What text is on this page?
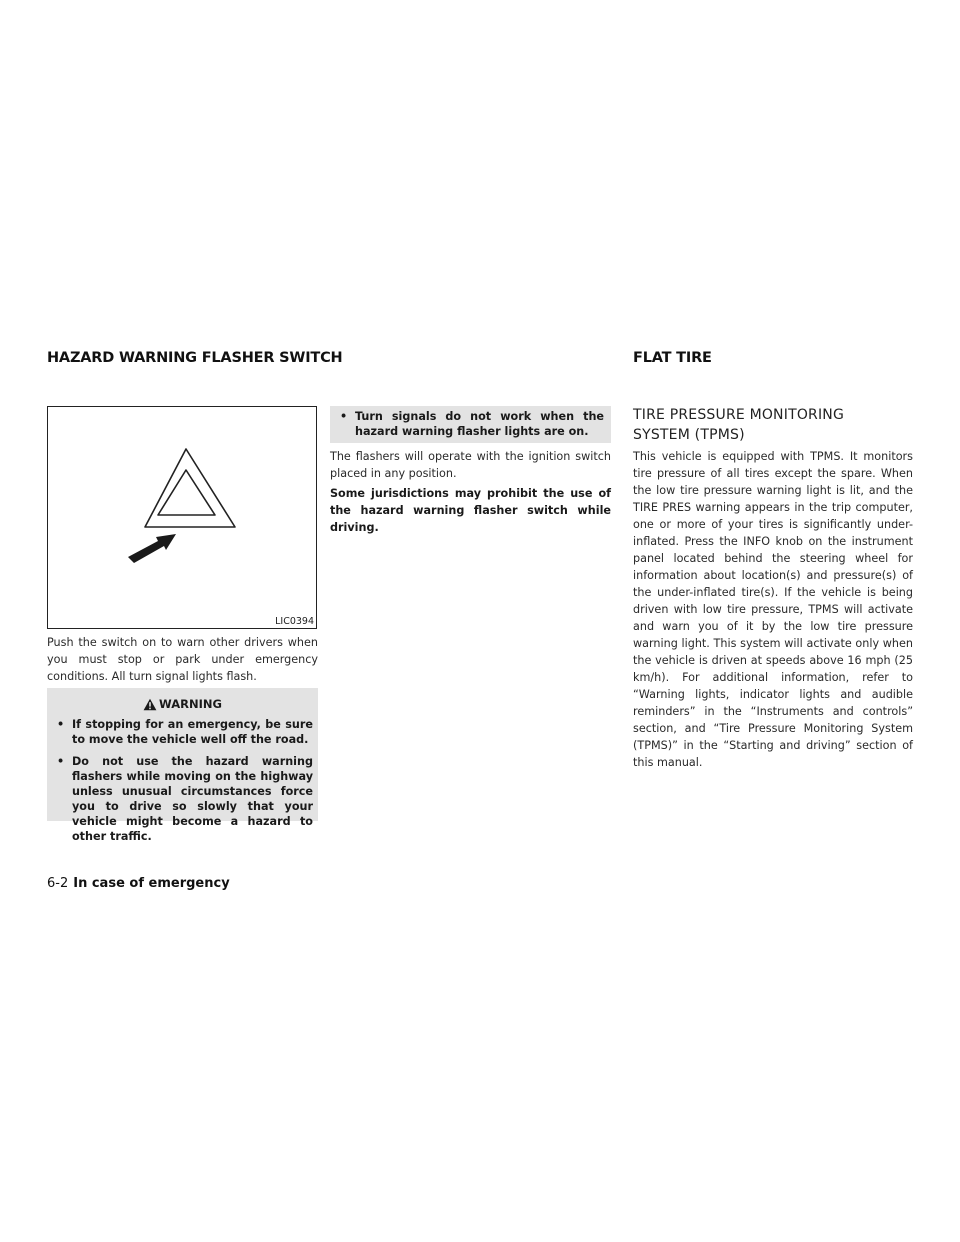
HAZARD WARNING FLASHER SWITCH	FLAT TIRE
LIC0394

Push the switch on to warn other drivers when you must stop or park under emergency conditions. All turn signal lights flash.

WARNING
• If stopping for an emergency, be sure to move the vehicle well off the road.
• Do not use the hazard warning flashers while moving on the highway unless unusual circumstances force you to drive so slowly that your vehicle might become a hazard to other traffic.
• Turn signals do not work when the hazard warning flasher lights are on.

The flashers will operate with the ignition switch placed in any position.

Some jurisdictions may prohibit the use of the hazard warning flasher switch while driving.

TIRE PRESSURE MONITORING
SYSTEM (TPMS)

This vehicle is equipped with TPMS. It monitors tire pressure of all tires except the spare. When the low tire pressure warning light is lit, and the TIRE PRES warning appears in the trip computer, one or more of your tires is significantly under-inflated. Press the INFO knob on the instrument panel located behind the steering wheel for information about location(s) and pressure(s) of the under-inflated tire(s). If the vehicle is being driven with low tire pressure, TPMS will activate and warn you of it by the low tire pressure warning light. This system will activate only when the vehicle is driven at speeds above 16 mph (25 km/h). For additional information, refer to “Warning lights, indicator lights and audible reminders” in the “Instruments and controls” section, and “Tire Pressure Monitoring System (TPMS)” in the “Starting and driving” section of this manual.

6-2 In case of emergency
